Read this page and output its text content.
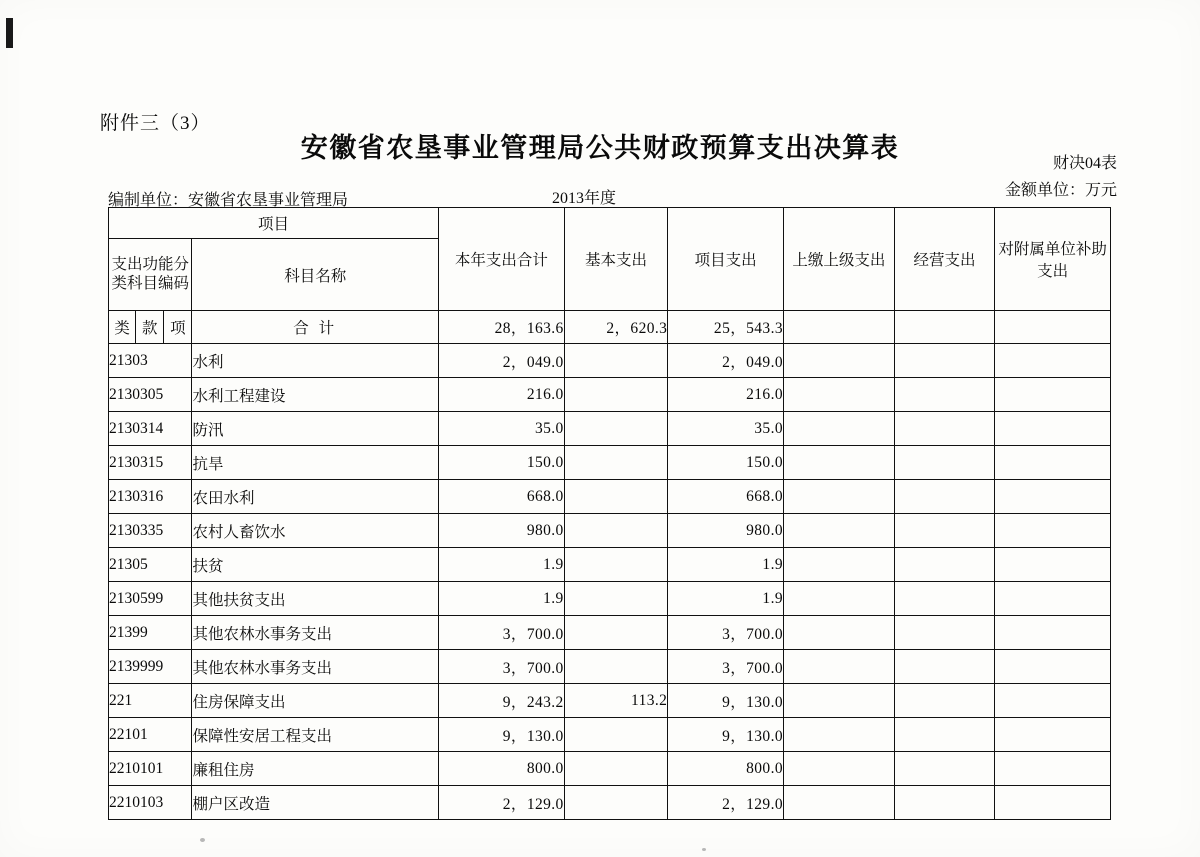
附件三（3）
安徽省农垦事业管理局公共财政预算支出决算表
财决04表
金额单位：万元
编制单位：安徽省农垦事业管理局	2013年度
项目				本年支出合计	基本支出	项目支出	上缴上级支出	经营支出	对附属单位补助支出
支出功能分类科目编码			科目名称						
类	款	项	合 计	28，163.6	2，620.3	25，543.3			
21303			水利	2，049.0		2，049.0			
2130305			水利工程建设	216.0		216.0			
2130314			防汛	35.0		35.0			
2130315			抗旱	150.0		150.0			
2130316			农田水利	668.0		668.0			
2130335			农村人畜饮水	980.0		980.0			
21305			扶贫	1.9		1.9			
2130599			其他扶贫支出	1.9		1.9			
21399			其他农林水事务支出	3，700.0		3，700.0			
2139999			其他农林水事务支出	3，700.0		3，700.0			
221			住房保障支出	9，243.2	113.2	9，130.0			
22101			保障性安居工程支出	9，130.0		9，130.0			
2210101			廉租住房	800.0		800.0			
2210103			棚户区改造	2，129.0		2，129.0			
